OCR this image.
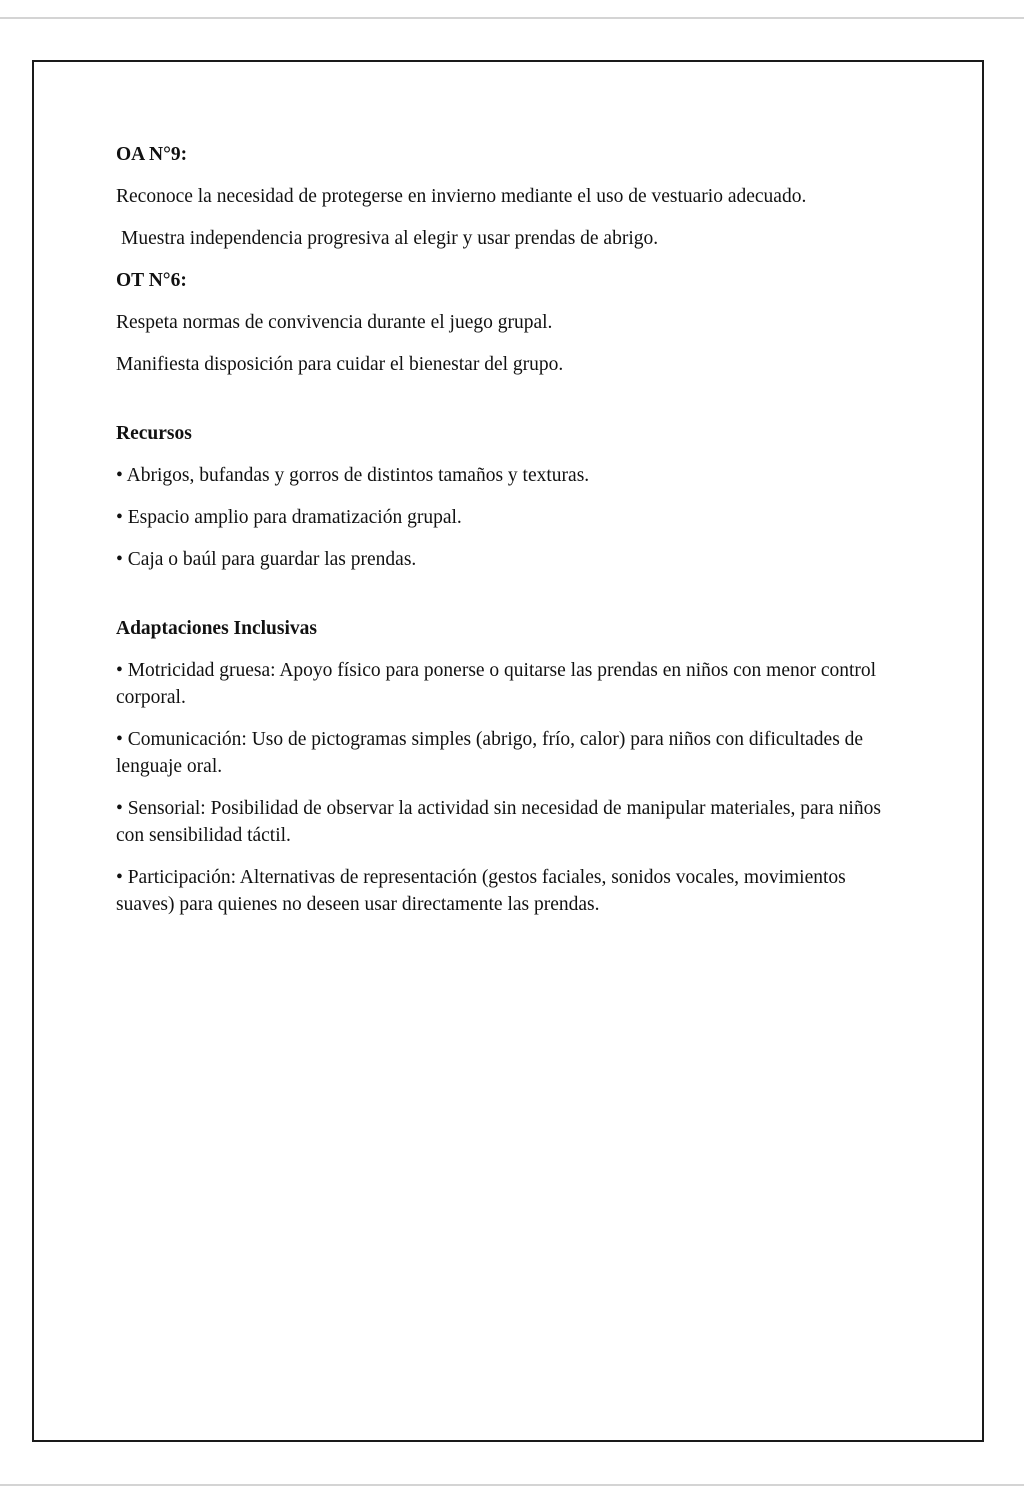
OA N°9:
Reconoce la necesidad de protegerse en invierno mediante el uso de vestuario adecuado.
Muestra independencia progresiva al elegir y usar prendas de abrigo.
OT N°6:
Respeta normas de convivencia durante el juego grupal.
Manifiesta disposición para cuidar el bienestar del grupo.
Recursos
• Abrigos, bufandas y gorros de distintos tamaños y texturas.
• Espacio amplio para dramatización grupal.
• Caja o baúl para guardar las prendas.
Adaptaciones Inclusivas
• Motricidad gruesa: Apoyo físico para ponerse o quitarse las prendas en niños con menor control corporal.
• Comunicación: Uso de pictogramas simples (abrigo, frío, calor) para niños con dificultades de lenguaje oral.
• Sensorial: Posibilidad de observar la actividad sin necesidad de manipular materiales, para niños con sensibilidad táctil.
• Participación: Alternativas de representación (gestos faciales, sonidos vocales, movimientos suaves) para quienes no deseen usar directamente las prendas.
